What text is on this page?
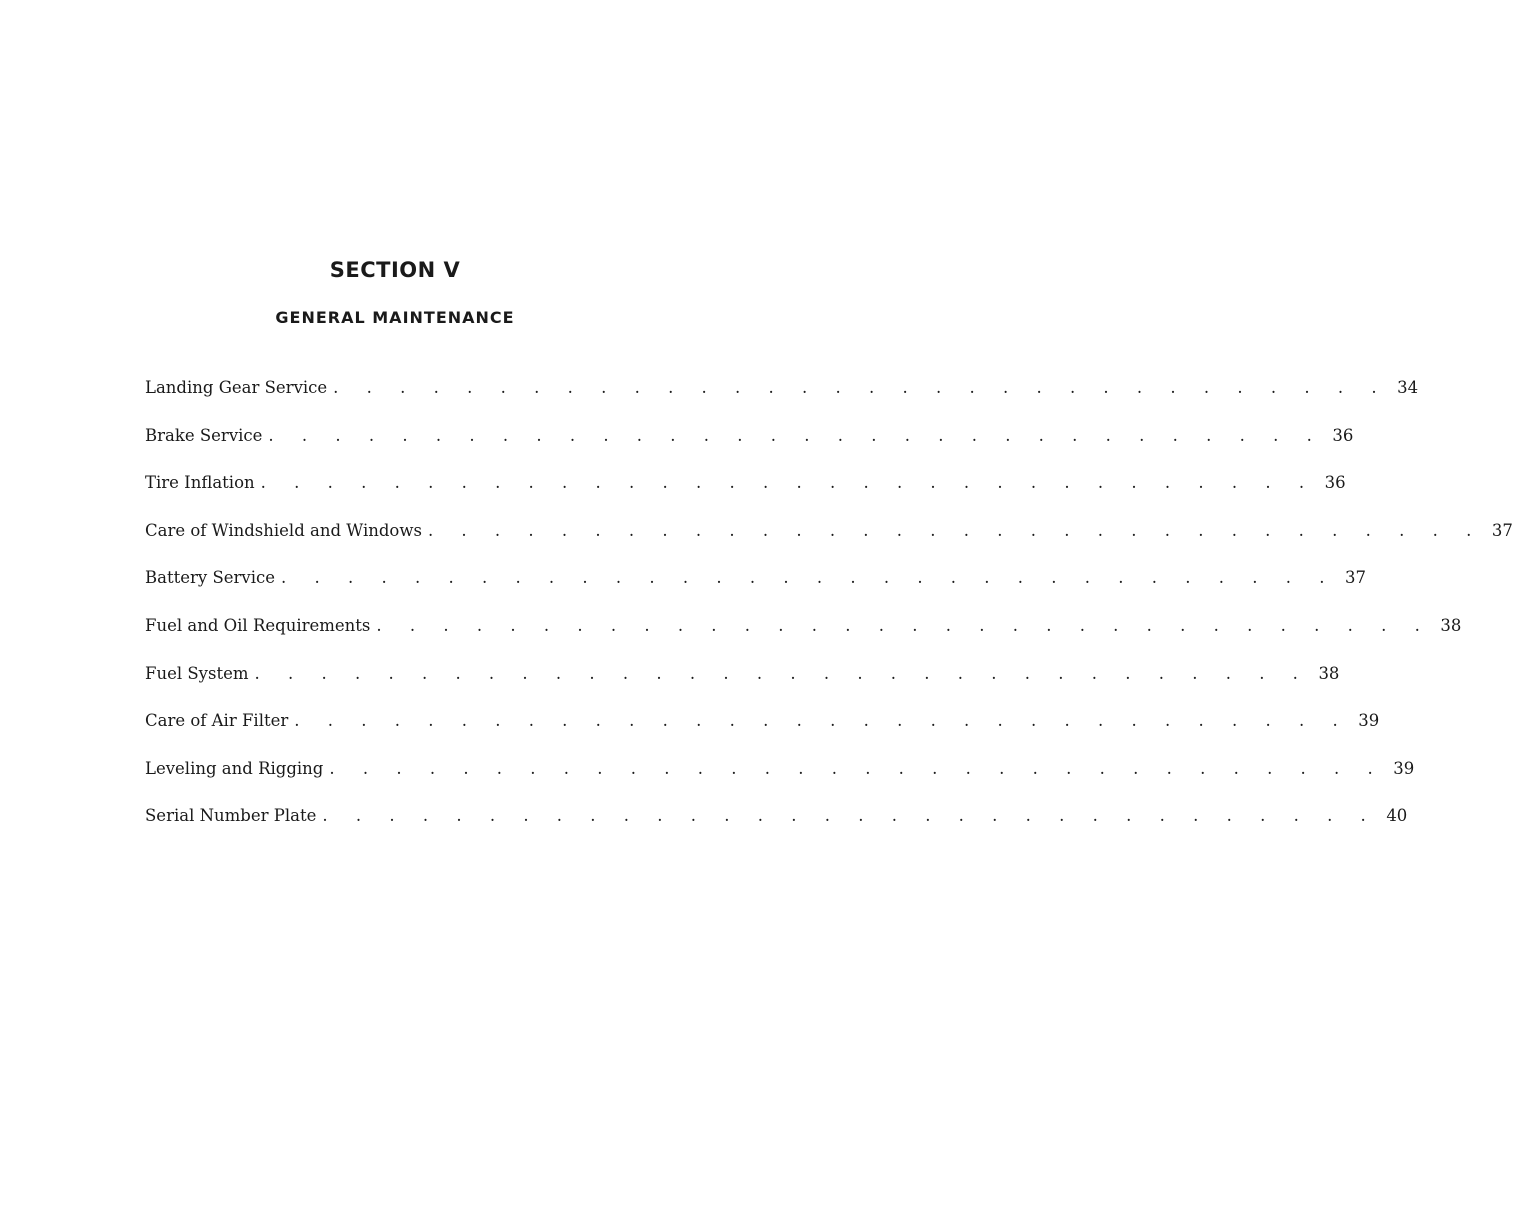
SECTION V
GENERAL MAINTENANCE
Landing Gear Service . . . . . . . . . . . . . . . . . . . . . . . . . . . . . . . . 34
Brake Service . . . . . . . . . . . . . . . . . . . . . . . . . . . . . . . . 36
Tire Inflation . . . . . . . . . . . . . . . . . . . . . . . . . . . . . . . . 36
Care of Windshield and Windows . . . . . . . . . . . . . . . . . . . . . . . . . . . . . . . . 37
Battery Service . . . . . . . . . . . . . . . . . . . . . . . . . . . . . . . . 37
Fuel and Oil Requirements . . . . . . . . . . . . . . . . . . . . . . . . . . . . . . . . 38
Fuel System . . . . . . . . . . . . . . . . . . . . . . . . . . . . . . . . 38
Care of Air Filter . . . . . . . . . . . . . . . . . . . . . . . . . . . . . . . . 39
Leveling and Rigging . . . . . . . . . . . . . . . . . . . . . . . . . . . . . . . . 39
Serial Number Plate . . . . . . . . . . . . . . . . . . . . . . . . . . . . . . . . 40
